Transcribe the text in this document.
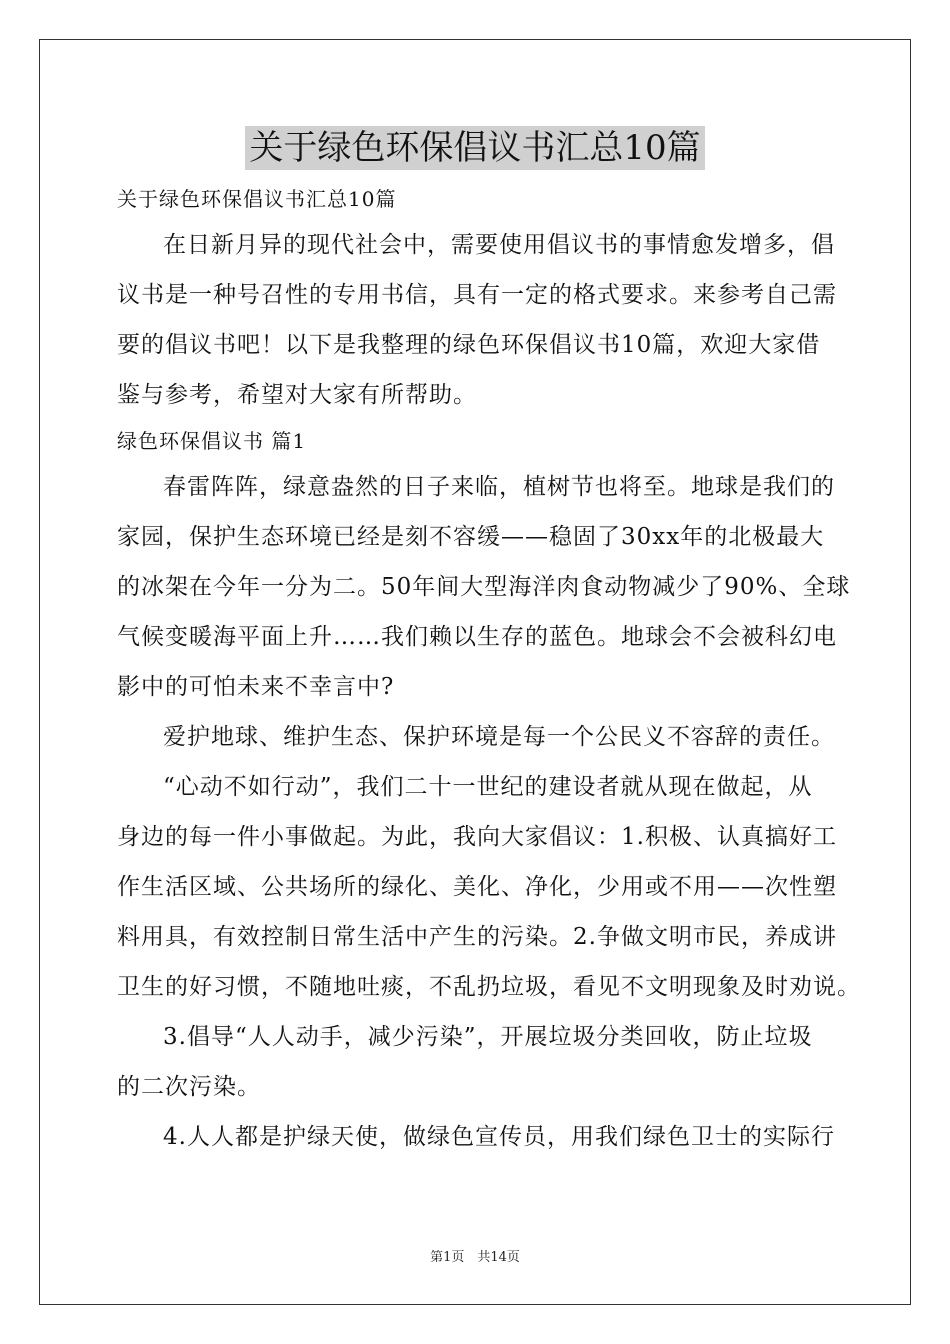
关于绿色环保倡议书汇总10篇
关于绿色环保倡议书汇总10篇
在日新月异的现代社会中，需要使用倡议书的事情愈发增多，倡
议书是一种号召性的专用书信，具有一定的格式要求。来参考自己需
要的倡议书吧！以下是我整理的绿色环保倡议书10篇，欢迎大家借
鉴与参考，希望对大家有所帮助。
绿色环保倡议书 篇1
春雷阵阵，绿意盎然的日子来临，植树节也将至。地球是我们的
家园，保护生态环境已经是刻不容缓——稳固了30xx年的北极最大
的冰架在今年一分为二。50年间大型海洋肉食动物减少了90%、全球
气候变暖海平面上升……我们赖以生存的蓝色。地球会不会被科幻电
影中的可怕未来不幸言中?
爱护地球、维护生态、保护环境是每一个公民义不容辞的责任。
“心动不如行动”，我们二十一世纪的建设者就从现在做起，从
身边的每一件小事做起。为此，我向大家倡议：1.积极、认真搞好工
作生活区域、公共场所的绿化、美化、净化，少用或不用——次性塑
料用具，有效控制日常生活中产生的污染。2.争做文明市民，养成讲
卫生的好习惯，不随地吐痰，不乱扔垃圾，看见不文明现象及时劝说。
3.倡导“人人动手，减少污染”，开展垃圾分类回收，防止垃圾
的二次污染。
4.人人都是护绿天使，做绿色宣传员，用我们绿色卫士的实际行
第1页　共14页
